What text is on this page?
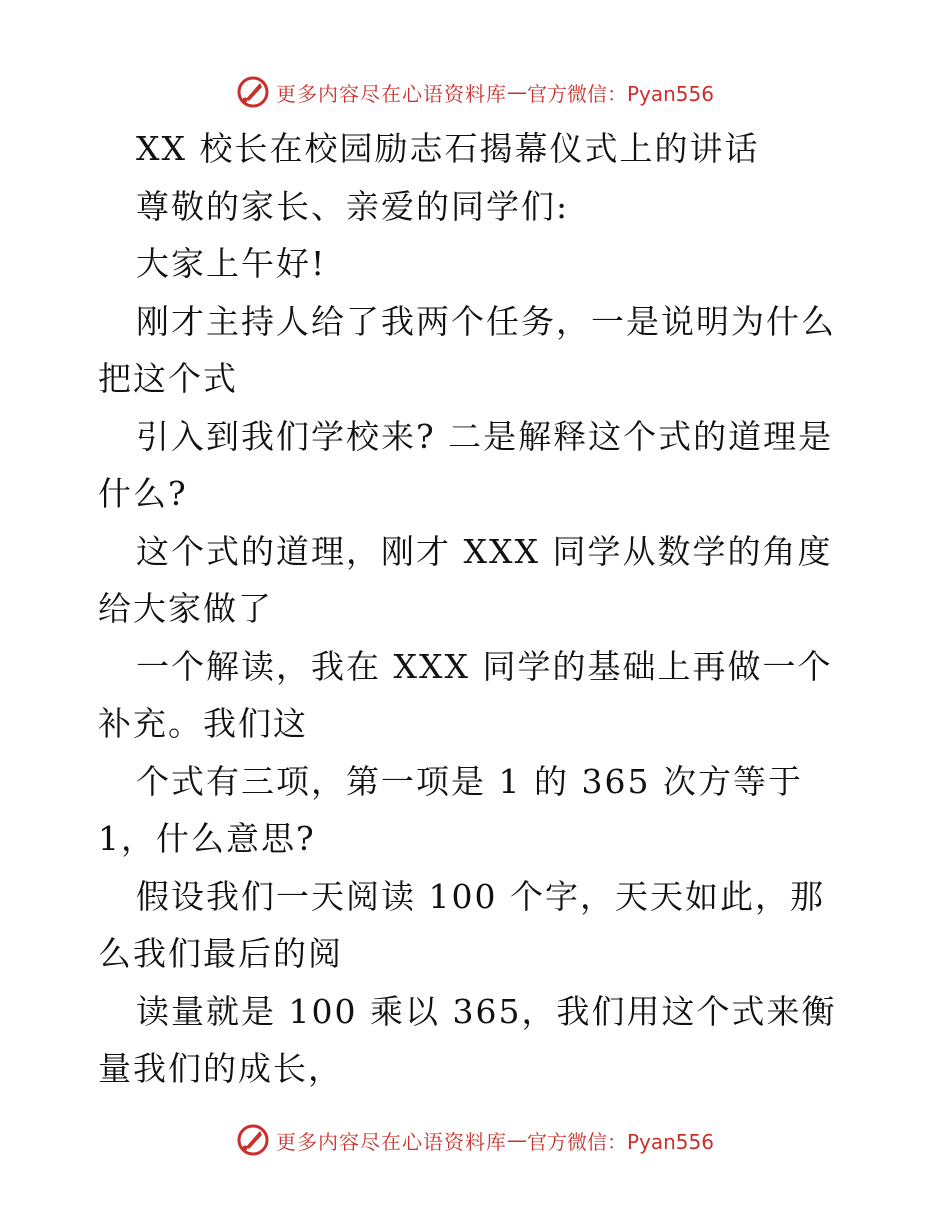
更多内容尽在心语资料库 — 官方微信：Pyan556

XX 校长在校园励志石揭幕仪式上的讲话

尊敬的家长、亲爱的同学们:

大家上午好!

刚才主持人给了我两个任务，一是说明为什么把这个式

引入到我们学校来? 二是解释这个式的道理是什么?

这个式的道理，刚才 XXX 同学从数学的角度给大家做了

一个解读，我在 XXX 同学的基础上再做一个补充。我们这

个式有三项，第一项是 1 的 365 次方等于 1，什么意思?

假设我们一天阅读 100 个字，天天如此，那么我们最后的阅

读量就是 100 乘以 365，我们用这个式来衡量我们的成长，

更多内容尽在心语资料库 — 官方微信：Pyan556
